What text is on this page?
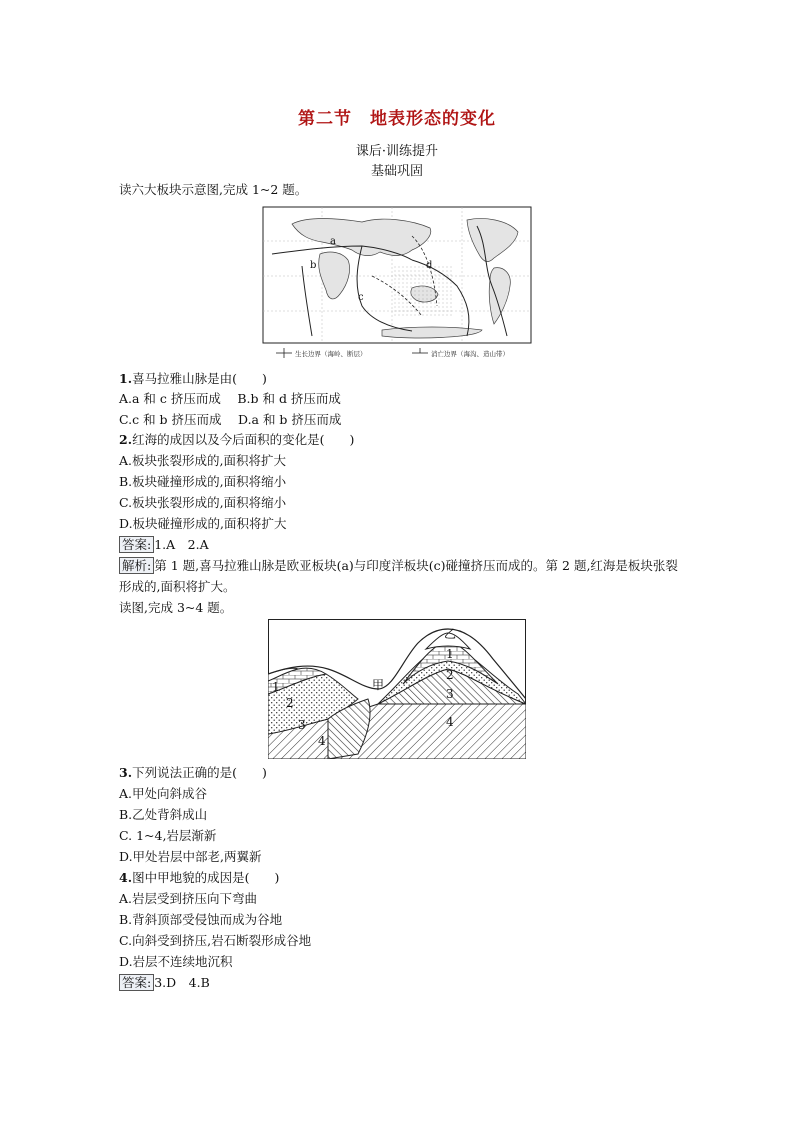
第二节　地表形态的变化
课后·训练提升
基础巩固
读六大板块示意图,完成 1~2 题。
a
b
c
d
生长边界（海岭、断层）	消亡边界（海沟、造山带）
1.喜马拉雅山脉是由(　　)
A.a 和 c 挤压而成　 B.b 和 d 挤压而成
C.c 和 b 挤压而成　 D.a 和 b 挤压而成
2.红海的成因以及今后面积的变化是(　　)
A.板块张裂形成的,面积将扩大
B.板块碰撞形成的,面积将缩小
C.板块张裂形成的,面积将缩小
D.板块碰撞形成的,面积将扩大
答案: 1.A　2.A
解析: 第 1 题,喜马拉雅山脉是欧亚板块(a)与印度洋板块(c)碰撞挤压而成的。第 2 题,红海是板块张裂形成的,面积将扩大。
读图,完成 3~4 题。
乙
甲
1
2
3
4
1
2
3
4
3.下列说法正确的是(　　)
A.甲处向斜成谷
B.乙处背斜成山
C. 1~4,岩层渐新
D.甲处岩层中部老,两翼新
4.图中甲地貌的成因是(　　)
A.岩层受到挤压向下弯曲
B.背斜顶部受侵蚀而成为谷地
C.向斜受到挤压,岩石断裂形成谷地
D.岩层不连续地沉积
答案: 3.D　4.B
